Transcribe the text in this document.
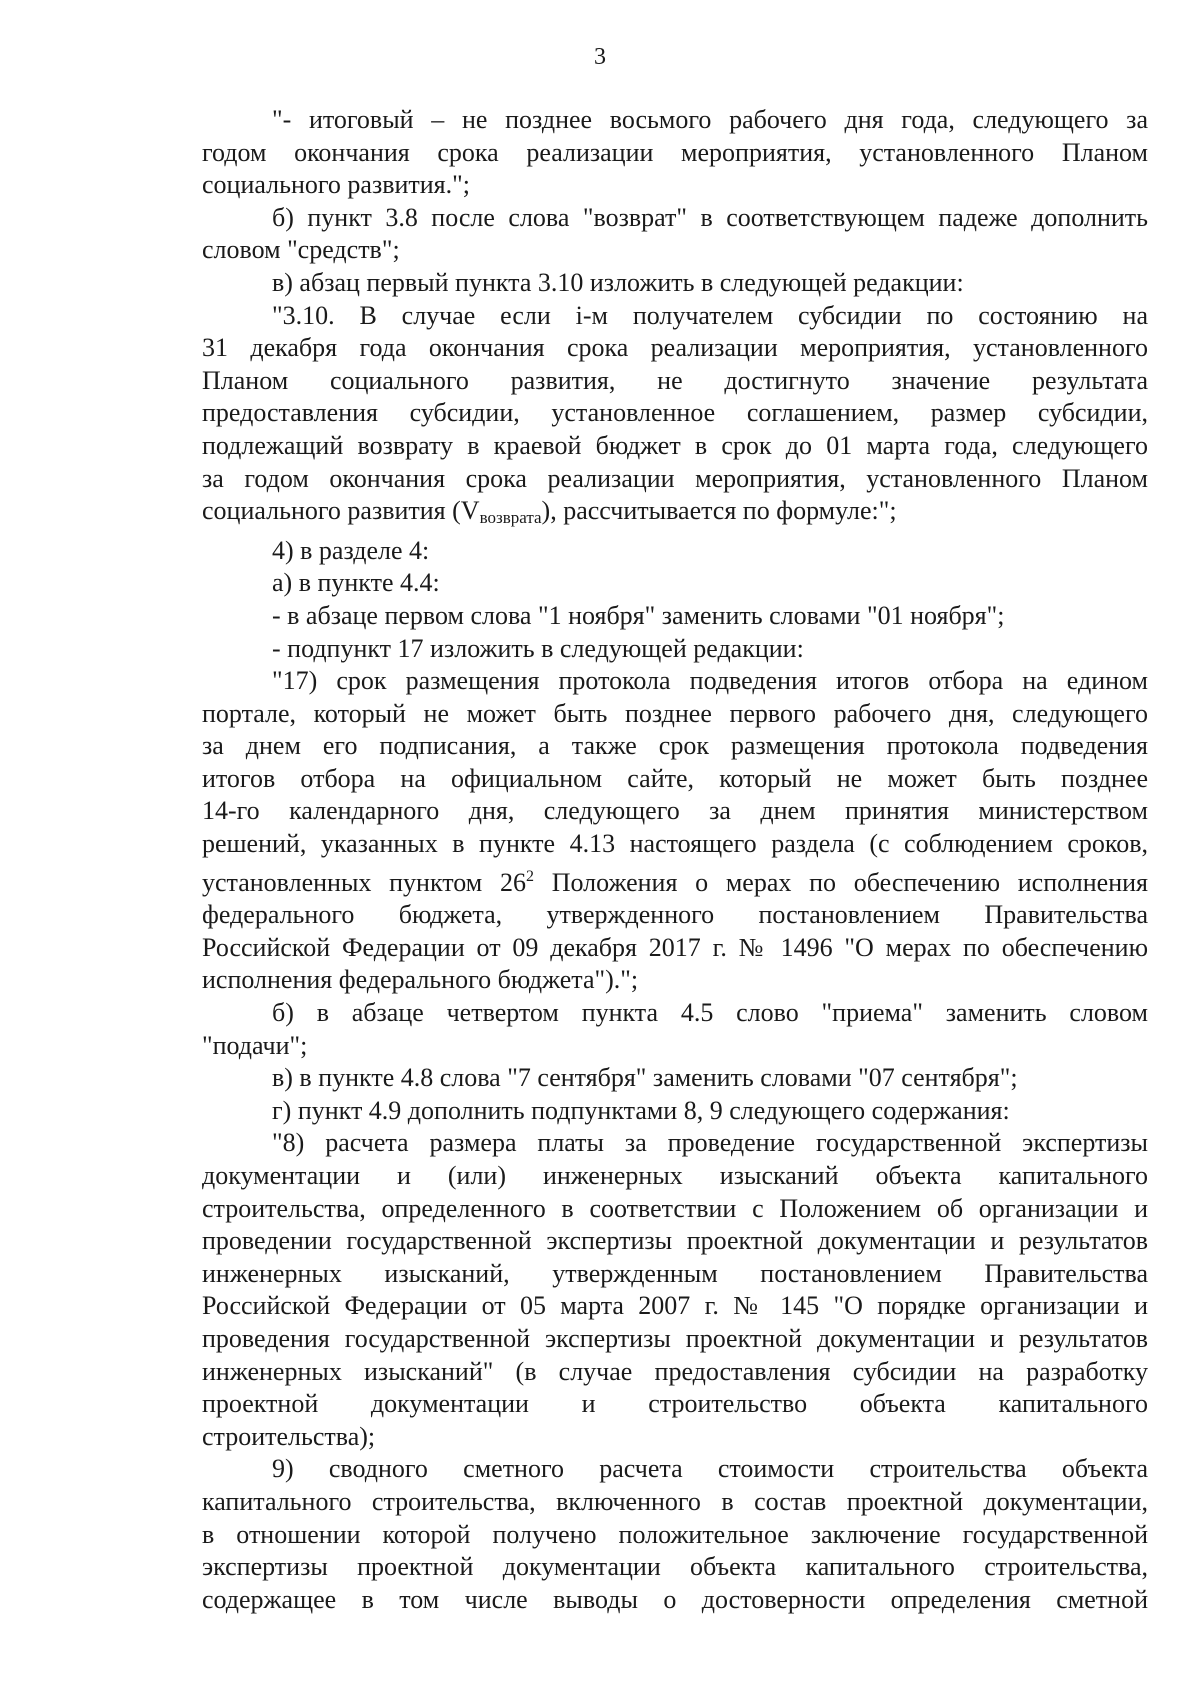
3

"- итоговый – не позднее восьмого рабочего дня года, следующего за

годом окончания срока реализации мероприятия, установленного Планом

социального развития.";

б) пункт 3.8 после слова "возврат" в соответствующем падеже дополнить

словом "средств";

в) абзац первый пункта 3.10 изложить в следующей редакции:

"3.10. В случае если i-м получателем субсидии по состоянию на

31 декабря года окончания срока реализации мероприятия, установленного

Планом социального развития, не достигнуто значение результата

предоставления субсидии, установленное соглашением, размер субсидии,

подлежащий возврату в краевой бюджет в срок до 01 марта года, следующего

за годом окончания срока реализации мероприятия, установленного Планом

социального развития $(V_{возврата})$, рассчитывается по формуле:";

4) в разделе 4:

а) в пункте 4.4:

- в абзаце первом слова "1 ноября" заменить словами "01 ноября";

- подпункт 17 изложить в следующей редакции:

"17) срок размещения протокола подведения итогов отбора на едином

портале, который не может быть позднее первого рабочего дня, следующего

за днем его подписания, а также срок размещения протокола подведения

итогов отбора на официальном сайте, который не может быть позднее

14-го календарного дня, следующего за днем принятия министерством

решений, указанных в пункте 4.13 настоящего раздела (с соблюдением сроков,

установленных пунктом $26^2$ Положения о мерах по обеспечению исполнения

федерального бюджета, утвержденного постановлением Правительства

Российской Федерации от 09 декабря 2017 г. № 1496 "О мерах по обеспечению

исполнения федерального бюджета").";

б) в абзаце четвертом пункта 4.5 слово "приема" заменить словом

"подачи";

в) в пункте 4.8 слова "7 сентября" заменить словами "07 сентября";

г) пункт 4.9 дополнить подпунктами 8, 9 следующего содержания:

"8) расчета размера платы за проведение государственной экспертизы

документации и (или) инженерных изысканий объекта капитального

строительства, определенного в соответствии с Положением об организации и

проведении государственной экспертизы проектной документации и результатов

инженерных изысканий, утвержденным постановлением Правительства

Российской Федерации от 05 марта 2007 г. № 145 "О порядке организации и

проведения государственной экспертизы проектной документации и результатов

инженерных изысканий" (в случае предоставления субсидии на разработку

проектной документации и строительство объекта капитального

строительства);

9) сводного сметного расчета стоимости строительства объекта

капитального строительства, включенного в состав проектной документации,

в отношении которой получено положительное заключение государственной

экспертизы проектной документации объекта капитального строительства,

содержащее в том числе выводы о достоверности определения сметной
